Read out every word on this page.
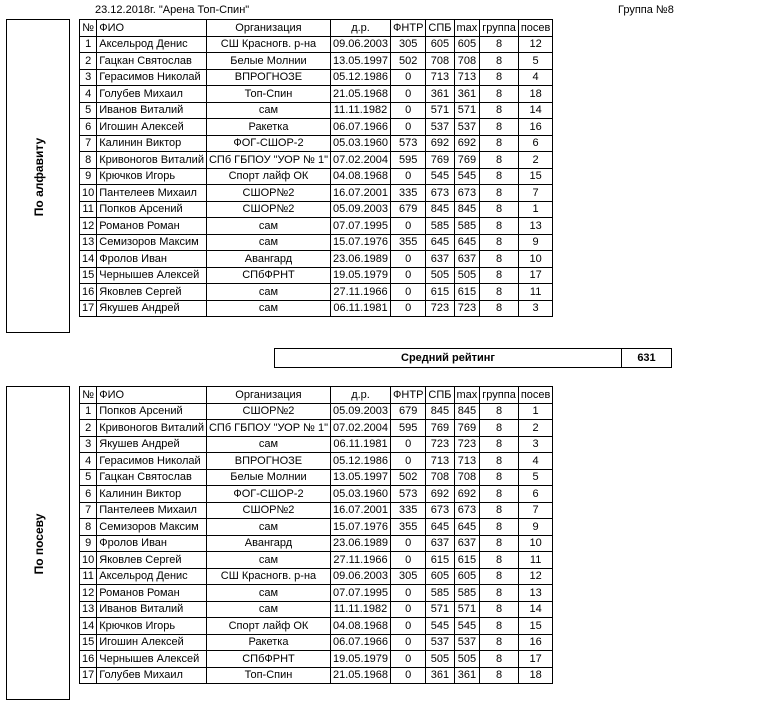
23.12.2018г. "Арена Топ-Спин"	Группа №8
По алфавиту
№	ФИО	Организация	д.р.	ФНТР	СПБ	max	группа	посев
1	Аксельрод Денис	СШ Красногв. р-на	09.06.2003	305	605	605	8	12
2	Гацкан Святослав	Белые Молнии	13.05.1997	502	708	708	8	5
3	Герасимов Николай	ВПРОГНОЗЕ	05.12.1986	0	713	713	8	4
4	Голубев Михаил	Топ-Спин	21.05.1968	0	361	361	8	18
5	Иванов Виталий	сам	11.11.1982	0	571	571	8	14
6	Игошин Алексей	Ракетка	06.07.1966	0	537	537	8	16
7	Калинин Виктор	ФОГ-СШОР-2	05.03.1960	573	692	692	8	6
8	Кривоногов Виталий	СПб ГБПОУ "УОР № 1"	07.02.2004	595	769	769	8	2
9	Крючков Игорь	Спорт лайф ОК	04.08.1968	0	545	545	8	15
10	Пантелеев Михаил	СШОР№2	16.07.2001	335	673	673	8	7
11	Попков Арсений	СШОР№2	05.09.2003	679	845	845	8	1
12	Романов Роман	сам	07.07.1995	0	585	585	8	13
13	Семизоров Максим	сам	15.07.1976	355	645	645	8	9
14	Фролов Иван	Авангард	23.06.1989	0	637	637	8	10
15	Чернышев Алексей	СПбФРНТ	19.05.1979	0	505	505	8	17
16	Яковлев Сергей	сам	27.11.1966	0	615	615	8	11
17	Якушев Андрей	сам	06.11.1981	0	723	723	8	3
Средний рейтинг	631
По посеву
№	ФИО	Организация	д.р.	ФНТР	СПБ	max	группа	посев
1	Попков Арсений	СШОР№2	05.09.2003	679	845	845	8	1
2	Кривоногов Виталий	СПб ГБПОУ "УОР № 1"	07.02.2004	595	769	769	8	2
3	Якушев Андрей	сам	06.11.1981	0	723	723	8	3
4	Герасимов Николай	ВПРОГНОЗЕ	05.12.1986	0	713	713	8	4
5	Гацкан Святослав	Белые Молнии	13.05.1997	502	708	708	8	5
6	Калинин Виктор	ФОГ-СШОР-2	05.03.1960	573	692	692	8	6
7	Пантелеев Михаил	СШОР№2	16.07.2001	335	673	673	8	7
8	Семизоров Максим	сам	15.07.1976	355	645	645	8	9
9	Фролов Иван	Авангард	23.06.1989	0	637	637	8	10
10	Яковлев Сергей	сам	27.11.1966	0	615	615	8	11
11	Аксельрод Денис	СШ Красногв. р-на	09.06.2003	305	605	605	8	12
12	Романов Роман	сам	07.07.1995	0	585	585	8	13
13	Иванов Виталий	сам	11.11.1982	0	571	571	8	14
14	Крючков Игорь	Спорт лайф ОК	04.08.1968	0	545	545	8	15
15	Игошин Алексей	Ракетка	06.07.1966	0	537	537	8	16
16	Чернышев Алексей	СПбФРНТ	19.05.1979	0	505	505	8	17
17	Голубев Михаил	Топ-Спин	21.05.1968	0	361	361	8	18
